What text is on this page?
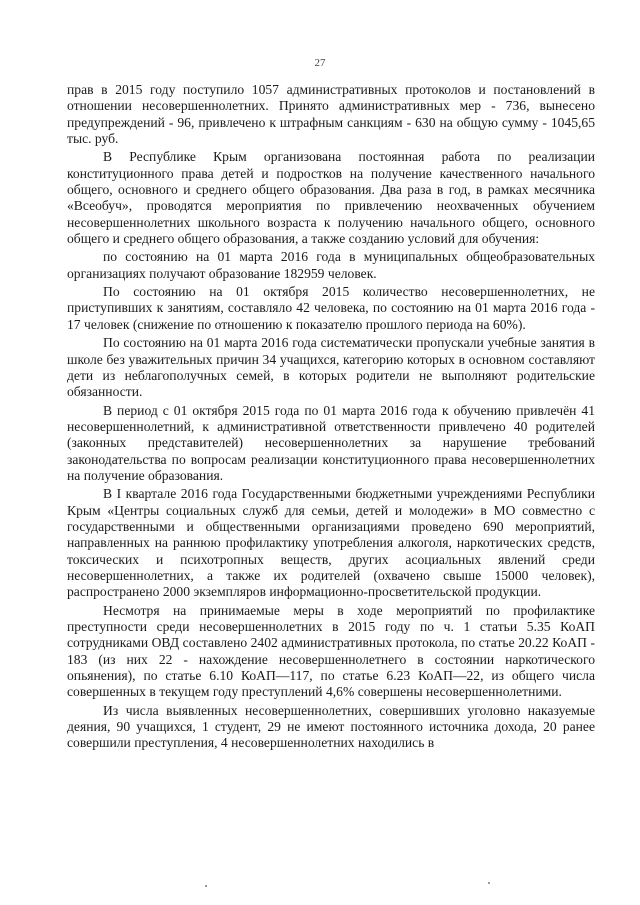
27

прав в 2015 году поступило 1057 административных протоколов и постановлений в отношении несовершеннолетних. Принято административных мер - 736, вынесено предупреждений - 96, привлечено к штрафным санкциям - 630 на общую сумму - 1045,65 тыс. руб.

В Республике Крым организована постоянная работа по реализации конституционного права детей и подростков на получение качественного начального общего, основного и среднего общего образования. Два раза в год, в рамках месячника «Всеобуч», проводятся мероприятия по привлечению неохваченных обучением несовершеннолетних школьного возраста к получению начального общего, основного общего и среднего общего образования, а также созданию условий для обучения:

по состоянию на 01 марта 2016 года в муниципальных общеобразовательных организациях получают образование 182959 человек.

По состоянию на 01 октября 2015 количество несовершеннолетних, не приступивших к занятиям, составляло 42 человека, по состоянию на 01 марта 2016 года - 17 человек (снижение по отношению к показателю прошлого периода на 60%).

По состоянию на 01 марта 2016 года систематически пропускали учебные занятия в школе без уважительных причин 34 учащихся, категорию которых в основном составляют дети из неблагополучных семей, в которых родители не выполняют родительские обязанности.

В период с 01 октября 2015 года по 01 марта 2016 года к обучению привлечён 41 несовершеннолетний, к административной ответственности привлечено 40 родителей (законных представителей) несовершеннолетних за нарушение требований законодательства по вопросам реализации конституционного права несовершеннолетних на получение образования.

В I квартале 2016 года Государственными бюджетными учреждениями Республики Крым «Центры социальных служб для семьи, детей и молодежи» в МО совместно с государственными и общественными организациями проведено 690 мероприятий, направленных на раннюю профилактику употребления алкоголя, наркотических средств, токсических и психотропных веществ, других асоциальных явлений среди несовершеннолетних, а также их родителей (охвачено свыше 15000 человек), распространено 2000 экземпляров информационно-просветительской продукции.

Несмотря на принимаемые меры в ходе мероприятий по профилактике преступности среди несовершеннолетних в 2015 году по ч. 1 статьи 5.35 КоАП сотрудниками ОВД составлено 2402 административных протокола, по статье 20.22 КоАП - 183 (из них 22 - нахождение несовершеннолетнего в состоянии наркотического опьянения), по статье 6.10 КоАП—117, по статье 6.23 КоАП—22, из общего числа совершенных в текущем году преступлений 4,6% совершены несовершеннолетними.

Из числа выявленных несовершеннолетних, совершивших уголовно наказуемые деяния, 90 учащихся, 1 студент, 29 не имеют постоянного источника дохода, 20 ранее совершили преступления, 4 несовершеннолетних находились в
